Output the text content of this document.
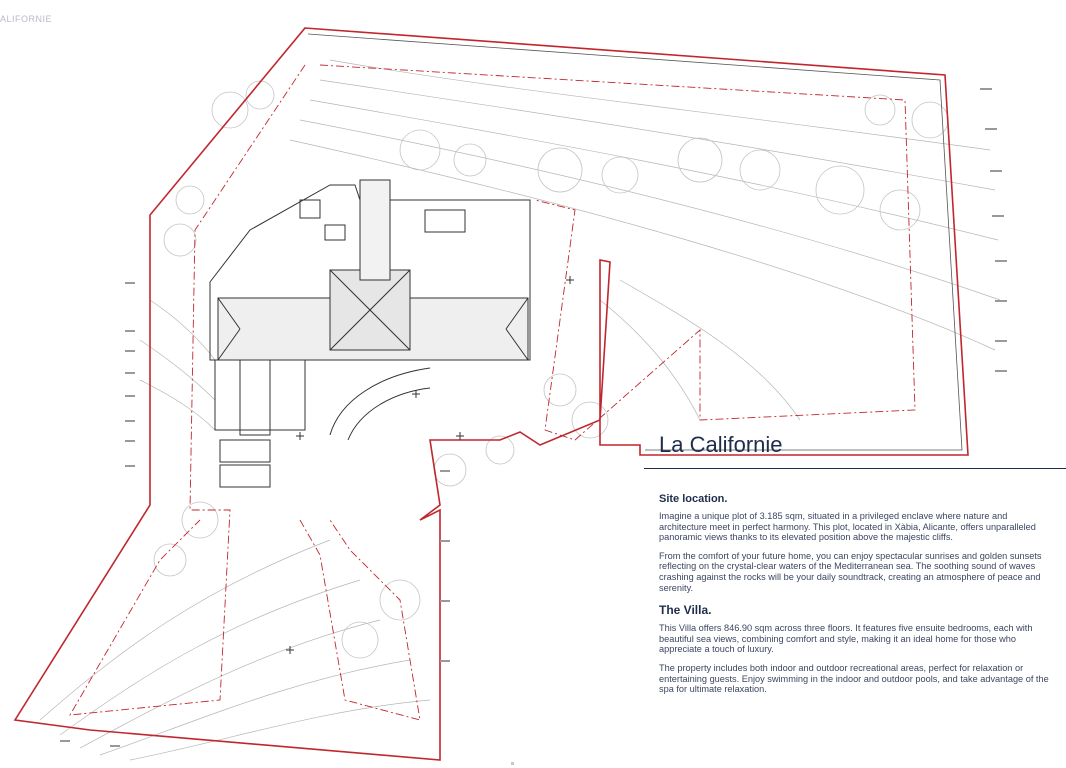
ALIFORNIE
La Californie
Site location.

Imagine a unique plot of 3.185 sqm, situated in a privileged enclave where nature and architecture meet in perfect harmony. This plot, located in Xàbia, Alicante, offers unparalleled panoramic views thanks to its elevated position above the majestic cliffs.

From the comfort of your future home, you can enjoy spectacular sunrises and golden sunsets reflecting on the crystal-clear waters of the Mediterranean sea. The soothing sound of waves crashing against the rocks will be your daily soundtrack, creating an atmosphere of peace and serenity.

The Villa.

This Villa offers 846.90 sqm across three floors. It features five ensuite bedrooms, each with beautiful sea views, combining comfort and style, making it an ideal home for those who appreciate a touch of luxury.

The property includes both indoor and outdoor recreational areas, perfect for relaxation or entertaining guests. Enjoy swimming in the indoor and outdoor pools, and take advantage of the spa for ultimate relaxation.
